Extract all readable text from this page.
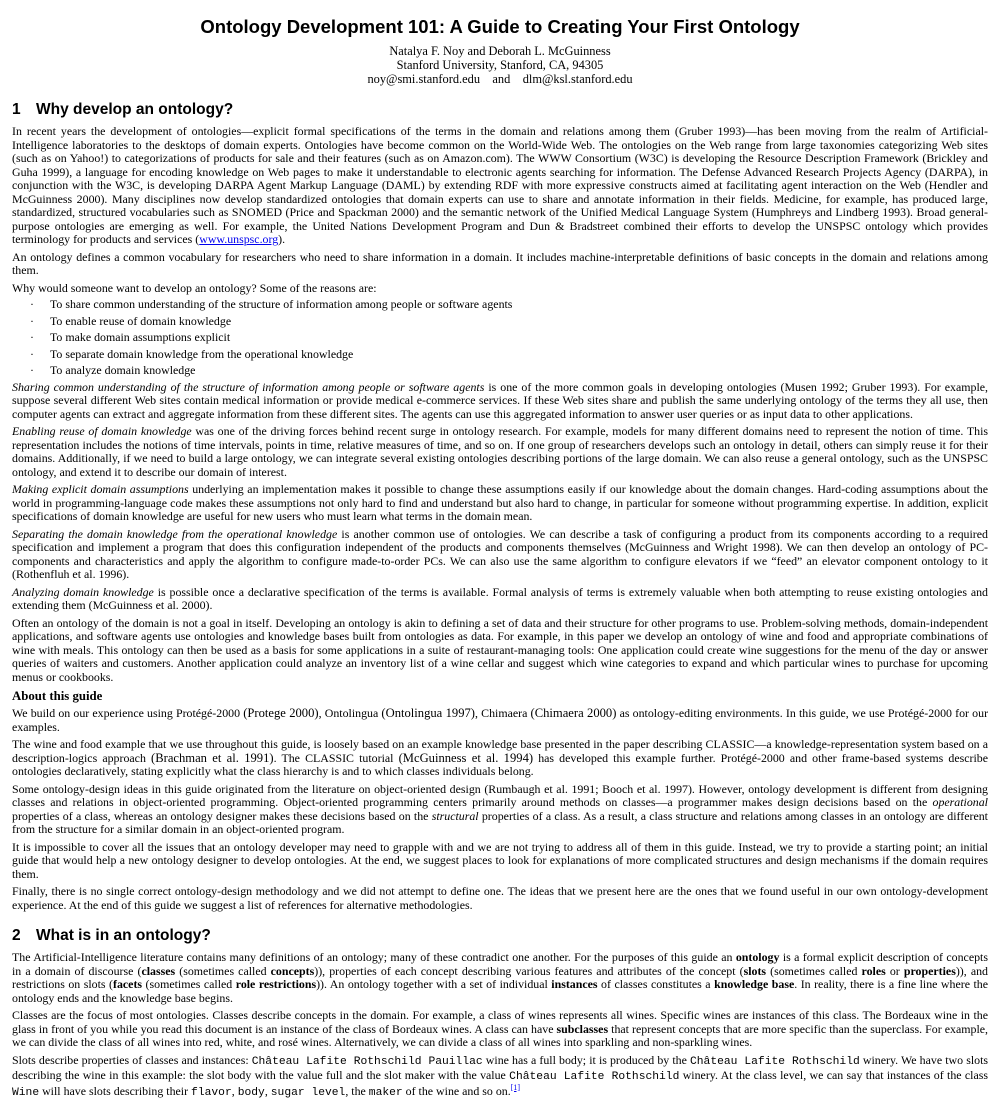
Ontology Development 101: A Guide to Creating Your First Ontology
Natalya F. Noy and Deborah L. McGuinness
Stanford University, Stanford, CA, 94305
noy@smi.stanford.edu    and    dlm@ksl.stanford.edu
1 Why develop an ontology?

In recent years the development of ontologies—explicit formal specifications of the terms in the domain and relations among them (Gruber 1993)—has been moving from the realm of Artificial-Intelligence laboratories to the desktops of domain experts. Ontologies have become common on the World-Wide Web. The ontologies on the Web range from large taxonomies categorizing Web sites (such as on Yahoo!) to categorizations of products for sale and their features (such as on Amazon.com). The WWW Consortium (W3C) is developing the Resource Description Framework (Brickley and Guha 1999), a language for encoding knowledge on Web pages to make it understandable to electronic agents searching for information. The Defense Advanced Research Projects Agency (DARPA), in conjunction with the W3C, is developing DARPA Agent Markup Language (DAML) by extending RDF with more expressive constructs aimed at facilitating agent interaction on the Web (Hendler and McGuinness 2000). Many disciplines now develop standardized ontologies that domain experts can use to share and annotate information in their fields. Medicine, for example, has produced large, standardized, structured vocabularies such as SNOMED (Price and Spackman 2000) and the semantic network of the Unified Medical Language System (Humphreys and Lindberg 1993). Broad general-purpose ontologies are emerging as well. For example, the United Nations Development Program and Dun & Bradstreet combined their efforts to develop the UNSPSC ontology which provides terminology for products and services (www.unspsc.org).

An ontology defines a common vocabulary for researchers who need to share information in a domain. It includes machine-interpretable definitions of basic concepts in the domain and relations among them.

Why would someone want to develop an ontology? Some of the reasons are:

· To share common understanding of the structure of information among people or software agents
· To enable reuse of domain knowledge
· To make domain assumptions explicit
· To separate domain knowledge from the operational knowledge
· To analyze domain knowledge

Sharing common understanding of the structure of information among people or software agents is one of the more common goals in developing ontologies (Musen 1992; Gruber 1993). For example, suppose several different Web sites contain medical information or provide medical e-commerce services. If these Web sites share and publish the same underlying ontology of the terms they all use, then computer agents can extract and aggregate information from these different sites. The agents can use this aggregated information to answer user queries or as input data to other applications.

Enabling reuse of domain knowledge was one of the driving forces behind recent surge in ontology research. For example, models for many different domains need to represent the notion of time. This representation includes the notions of time intervals, points in time, relative measures of time, and so on. If one group of researchers develops such an ontology in detail, others can simply reuse it for their domains. Additionally, if we need to build a large ontology, we can integrate several existing ontologies describing portions of the large domain. We can also reuse a general ontology, such as the UNSPSC ontology, and extend it to describe our domain of interest.

Making explicit domain assumptions underlying an implementation makes it possible to change these assumptions easily if our knowledge about the domain changes. Hard-coding assumptions about the world in programming-language code makes these assumptions not only hard to find and understand but also hard to change, in particular for someone without programming expertise. In addition, explicit specifications of domain knowledge are useful for new users who must learn what terms in the domain mean.

Separating the domain knowledge from the operational knowledge is another common use of ontologies. We can describe a task of configuring a product from its components according to a required specification and implement a program that does this configuration independent of the products and components themselves (McGuinness and Wright 1998). We can then develop an ontology of PC-components and characteristics and apply the algorithm to configure made-to-order PCs. We can also use the same algorithm to configure elevators if we “feed” an elevator component ontology to it (Rothenfluh et al. 1996).

Analyzing domain knowledge is possible once a declarative specification of the terms is available. Formal analysis of terms is extremely valuable when both attempting to reuse existing ontologies and extending them (McGuinness et al. 2000).

Often an ontology of the domain is not a goal in itself. Developing an ontology is akin to defining a set of data and their structure for other programs to use. Problem-solving methods, domain-independent applications, and software agents use ontologies and knowledge bases built from ontologies as data. For example, in this paper we develop an ontology of wine and food and appropriate combinations of wine with meals. This ontology can then be used as a basis for some applications in a suite of restaurant-managing tools: One application could create wine suggestions for the menu of the day or answer queries of waiters and customers. Another application could analyze an inventory list of a wine cellar and suggest which wine categories to expand and which particular wines to purchase for upcoming menus or cookbooks.

About this guide

We build on our experience using Protégé-2000 (Protege 2000), Ontolingua (Ontolingua 1997), Chimaera (Chimaera 2000) as ontology-editing environments. In this guide, we use Protégé-2000 for our examples.

The wine and food example that we use throughout this guide, is loosely based on an example knowledge base presented in the paper describing CLASSIC—a knowledge-representation system based on a description-logics approach (Brachman et al. 1991). The CLASSIC tutorial (McGuinness et al. 1994) has developed this example further. Protégé-2000 and other frame-based systems describe ontologies declaratively, stating explicitly what the class hierarchy is and to which classes individuals belong.

Some ontology-design ideas in this guide originated from the literature on object-oriented design (Rumbaugh et al. 1991; Booch et al. 1997). However, ontology development is different from designing classes and relations in object-oriented programming. Object-oriented programming centers primarily around methods on classes—a programmer makes design decisions based on the operational properties of a class, whereas an ontology designer makes these decisions based on the structural properties of a class. As a result, a class structure and relations among classes in an ontology are different from the structure for a similar domain in an object-oriented program.

It is impossible to cover all the issues that an ontology developer may need to grapple with and we are not trying to address all of them in this guide. Instead, we try to provide a starting point; an initial guide that would help a new ontology designer to develop ontologies. At the end, we suggest places to look for explanations of more complicated structures and design mechanisms if the domain requires them.

Finally, there is no single correct ontology-design methodology and we did not attempt to define one. The ideas that we present here are the ones that we found useful in our own ontology-development experience. At the end of this guide we suggest a list of references for alternative methodologies.

2 What is in an ontology?

The Artificial-Intelligence literature contains many definitions of an ontology; many of these contradict one another. For the purposes of this guide an ontology is a formal explicit description of concepts in a domain of discourse (classes (sometimes called concepts)), properties of each concept describing various features and attributes of the concept (slots (sometimes called roles or properties)), and restrictions on slots (facets (sometimes called role restrictions)). An ontology together with a set of individual instances of classes constitutes a knowledge base. In reality, there is a fine line where the ontology ends and the knowledge base begins.

Classes are the focus of most ontologies. Classes describe concepts in the domain. For example, a class of wines represents all wines. Specific wines are instances of this class. The Bordeaux wine in the glass in front of you while you read this document is an instance of the class of Bordeaux wines. A class can have subclasses that represent concepts that are more specific than the superclass. For example, we can divide the class of all wines into red, white, and rosé wines. Alternatively, we can divide a class of all wines into sparkling and non-sparkling wines.

Slots describe properties of classes and instances: Château Lafite Rothschild Pauillac wine has a full body; it is produced by the Château Lafite Rothschild winery. We have two slots describing the wine in this example: the slot body with the value full and the slot maker with the value Château Lafite Rothschild winery. At the class level, we can say that instances of the class Wine will have slots describing their flavor, body, sugar level, the maker of the wine and so on.[1]
